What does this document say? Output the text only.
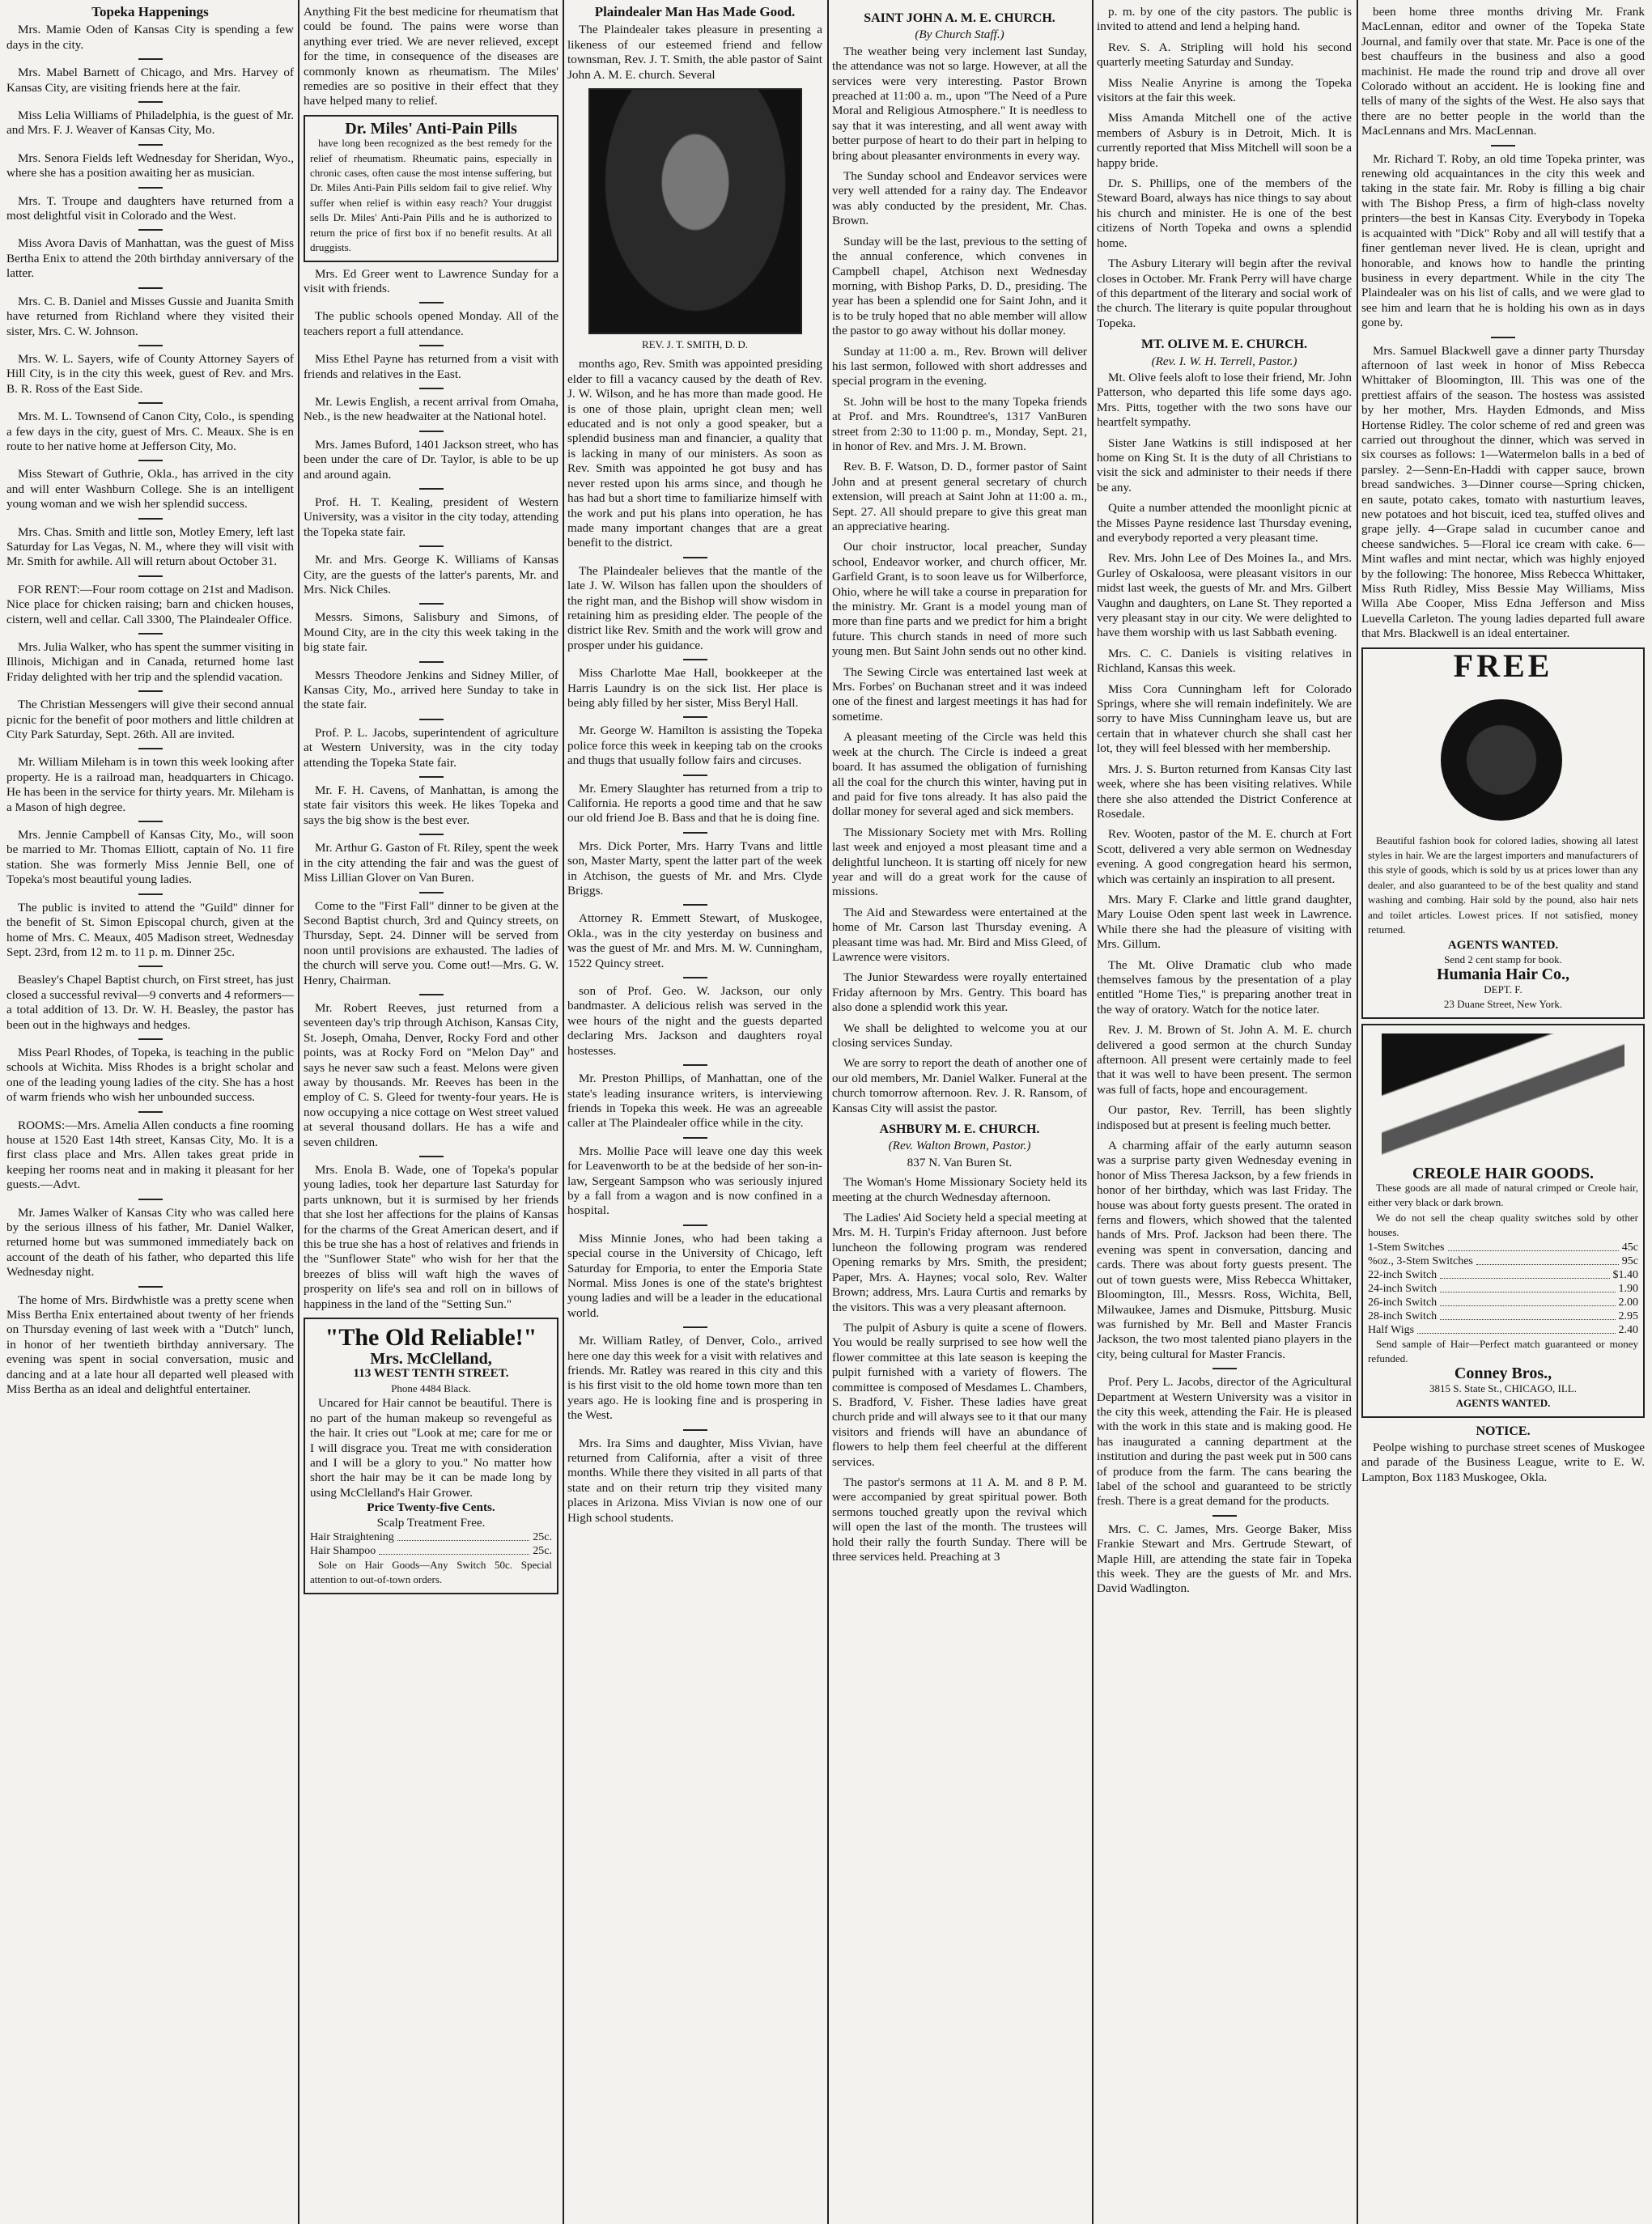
Topeka Happenings
Mrs. Mamie Oden of Kansas City is spending a few days in the city.
Mrs. Mabel Barnett of Chicago, and Mrs. Harvey of Kansas City, are visiting friends here at the fair.
Miss Lelia Williams of Philadelphia, is the guest of Mr. and Mrs. F. J. Weaver of Kansas City, Mo.
Mrs. Senora Fields left Wednesday for Sheridan, Wyo., where she has a position awaiting her as musician.
Mrs. T. Troupe and daughters have returned from a most delightful visit in Colorado and the West.
Miss Avora Davis of Manhattan, was the guest of Miss Bertha Enix to attend the 20th birthday anniversary of the latter.
Mrs. C. B. Daniel and Misses Gussie and Juanita Smith have returned from Richland where they visited their sister, Mrs. C. W. Johnson.
Mrs. W. L. Sayers, wife of County Attorney Sayers of Hill City, is in the city this week, guest of Rev. and Mrs. B. R. Ross of the East Side.
Mrs. M. L. Townsend of Canon City, Colo., is spending a few days in the city, guest of Mrs. C. Meaux. She is en route to her native home at Jefferson City, Mo.
Miss Stewart of Guthrie, Okla., has arrived in the city and will enter Washburn College. She is an intelligent young woman and we wish her splendid success.
Mrs. Chas. Smith and little son, Motley Emery, left last Saturday for Las Vegas, N. M., where they will visit with Mr. Smith for awhile. All will return about October 31.
FOR RENT:—Four room cottage on 21st and Madison. Nice place for chicken raising; barn and chicken houses, cistern, well and cellar. Call 3300, The Plaindealer Office.
Mrs. Julia Walker, who has spent the summer visiting in Illinois, Michigan and in Canada, returned home last Friday delighted with her trip and the splendid vacation.
The Christian Messengers will give their second annual picnic for the benefit of poor mothers and little children at City Park Saturday, Sept. 26th. All are invited.
Mr. William Mileham is in town this week looking after property. He is a railroad man, headquarters in Chicago. He has been in the service for thirty years. Mr. Mileham is a Mason of high degree.
Mrs. Jennie Campbell of Kansas City, Mo., will soon be married to Mr. Thomas Elliott, captain of No. 11 fire station. She was formerly Miss Jennie Bell, one of Topeka's most beautiful young ladies.
The public is invited to attend the "Guild" dinner for the benefit of St. Simon Episcopal church, given at the home of Mrs. C. Meaux, 405 Madison street, Wednesday Sept. 23rd, from 12 m. to 11 p. m. Dinner 25c.
Beasley's Chapel Baptist church, on First street, has just closed a successful revival—9 converts and 4 reformers—a total addition of 13. Dr. W. H. Beasley, the pastor has been out in the highways and hedges.
Miss Pearl Rhodes, of Topeka, is teaching in the public schools at Wichita. Miss Rhodes is a bright scholar and one of the leading young ladies of the city. She has a host of warm friends who wish her unbounded success.
ROOMS:—Mrs. Amelia Allen conducts a fine rooming house at 1520 East 14th street, Kansas City, Mo. It is a first class place and Mrs. Allen takes great pride in keeping her rooms neat and in making it pleasant for her guests.—Advt.
Mr. James Walker of Kansas City who was called here by the serious illness of his father, Mr. Daniel Walker, returned home but was summoned immediately back on account of the death of his father, who departed this life Wednesday night.
The home of Mrs. Birdwhistle was a pretty scene when Miss Bertha Enix entertained about twenty of her friends on Thursday evening of last week with a "Dutch" lunch, in honor of her twentieth birthday anniversary. The evening was spent in social conversation, music and dancing and at a late hour all departed well pleased with Miss Bertha as an ideal and delightful entertainer.
Anything Fit the best medicine for rheumatism that could be found. The pains were worse than anything ever tried. We are never relieved, except for the time, in consequence of the diseases are commonly known as rheumatism. The Miles' remedies are so positive in their effect that they have helped many to relief.
Dr. Miles' Anti-Pain Pills
have long been recognized as the best remedy for the relief of rheumatism. Rheumatic pains, especially in chronic cases, often cause the most intense suffering, but Dr. Miles Anti-Pain Pills seldom fail to give relief. Why suffer when relief is within easy reach? Your druggist sells Dr. Miles' Anti-Pain Pills and he is authorized to return the price of first box if no benefit results. At all druggists.
Mrs. Ed Greer went to Lawrence Sunday for a visit with friends.
The public schools opened Monday. All of the teachers report a full attendance.
Miss Ethel Payne has returned from a visit with friends and relatives in the East.
Mr. Lewis English, a recent arrival from Omaha, Neb., is the new headwaiter at the National hotel.
Mrs. James Buford, 1401 Jackson street, who has been under the care of Dr. Taylor, is able to be up and around again.
Prof. H. T. Kealing, president of Western University, was a visitor in the city today, attending the Topeka state fair.
Mr. and Mrs. George K. Williams of Kansas City, are the guests of the latter's parents, Mr. and Mrs. Nick Chiles.
Messrs. Simons, Salisbury and Simons, of Mound City, are in the city this week taking in the big state fair.
Messrs Theodore Jenkins and Sidney Miller, of Kansas City, Mo., arrived here Sunday to take in the state fair.
Prof. P. L. Jacobs, superintendent of agriculture at Western University, was in the city today attending the Topeka State fair.
Mr. F. H. Cavens, of Manhattan, is among the state fair visitors this week. He likes Topeka and says the big show is the best ever.
Mr. Arthur G. Gaston of Ft. Riley, spent the week in the city attending the fair and was the guest of Miss Lillian Glover on Van Buren.
Come to the "First Fall" dinner to be given at the Second Baptist church, 3rd and Quincy streets, on Thursday, Sept. 24. Dinner will be served from noon until provisions are exhausted. The ladies of the church will serve you. Come out!—Mrs. G. W. Henry, Chairman.
Mr. Robert Reeves, just returned from a seventeen day's trip through Atchison, Kansas City, St. Joseph, Omaha, Denver, Rocky Ford and other points, was at Rocky Ford on "Melon Day" and says he never saw such a feast. Melons were given away by thousands. Mr. Reeves has been in the employ of C. S. Gleed for twenty-four years. He is now occupying a nice cottage on West street valued at several thousand dollars. He has a wife and seven children.
Mrs. Enola B. Wade, one of Topeka's popular young ladies, took her departure last Saturday for parts unknown, but it is surmised by her friends that she lost her affections for the plains of Kansas for the charms of the Great American desert, and if this be true she has a host of relatives and friends in the "Sunflower State" who wish for her that the breezes of bliss will waft high the waves of prosperity on life's sea and roll on in billows of happiness in the land of the "Setting Sun."
"The Old Reliable!"
Mrs. McClelland,
113 WEST TENTH STREET.
Phone 4484 Black.
Uncared for Hair cannot be beautiful. There is no part of the human makeup so revengeful as the hair. It cries out "Look at me; care for me or I will disgrace you. Treat me with consideration and I will be a glory to you." No matter how short the hair may be it can be made long by using McClelland's Hair Grower.
Price Twenty-five Cents.
Scalp Treatment Free.
Hair Straightening	25c.
Hair Shampoo	25c.
Sole on Hair Goods—Any Switch 50c. Special attention to out-of-town orders.
Plaindealer Man Has Made Good.
The Plaindealer takes pleasure in presenting a likeness of our esteemed friend and fellow townsman, Rev. J. T. Smith, the able pastor of Saint John A. M. E. church. Several
REV. J. T. SMITH, D. D.
months ago, Rev. Smith was appointed presiding elder to fill a vacancy caused by the death of Rev. J. W. Wilson, and he has more than made good. He is one of those plain, upright clean men; well educated and is not only a good speaker, but a splendid business man and financier, a quality that is lacking in many of our ministers. As soon as Rev. Smith was appointed he got busy and has never rested upon his arms since, and though he has had but a short time to familiarize himself with the work and put his plans into operation, he has made many important changes that are a great benefit to the district.
The Plaindealer believes that the mantle of the late J. W. Wilson has fallen upon the shoulders of the right man, and the Bishop will show wisdom in retaining him as presiding elder. The people of the district like Rev. Smith and the work will grow and prosper under his guidance.
Miss Charlotte Mae Hall, bookkeeper at the Harris Laundry is on the sick list. Her place is being ably filled by her sister, Miss Beryl Hall.
Mr. George W. Hamilton is assisting the Topeka police force this week in keeping tab on the crooks and thugs that usually follow fairs and circuses.
Mr. Emery Slaughter has returned from a trip to California. He reports a good time and that he saw our old friend Joe B. Bass and that he is doing fine.
Mrs. Dick Porter, Mrs. Harry Tvans and little son, Master Marty, spent the latter part of the week in Atchison, the guests of Mr. and Mrs. Clyde Briggs.
Attorney R. Emmett Stewart, of Muskogee, Okla., was in the city yesterday on business and was the guest of Mr. and Mrs. M. W. Cunningham, 1522 Quincy street.
son of Prof. Geo. W. Jackson, our only bandmaster. A delicious relish was served in the wee hours of the night and the guests departed declaring Mrs. Jackson and daughters royal hostesses.
Mr. Preston Phillips, of Manhattan, one of the state's leading insurance writers, is interviewing friends in Topeka this week. He was an agreeable caller at The Plaindealer office while in the city.
Mrs. Mollie Pace will leave one day this week for Leavenworth to be at the bedside of her son-in-law, Sergeant Sampson who was seriously injured by a fall from a wagon and is now confined in a hospital.
Miss Minnie Jones, who had been taking a special course in the University of Chicago, left Saturday for Emporia, to enter the Emporia State Normal. Miss Jones is one of the state's brightest young ladies and will be a leader in the educational world.
Mr. William Ratley, of Denver, Colo., arrived here one day this week for a visit with relatives and friends. Mr. Ratley was reared in this city and this is his first visit to the old home town more than ten years ago. He is looking fine and is prospering in the West.
Mrs. Ira Sims and daughter, Miss Vivian, have returned from California, after a visit of three months. While there they visited in all parts of that state and on their return trip they visited many places in Arizona. Miss Vivian is now one of our High school students.
SAINT JOHN A. M. E. CHURCH.
(By Church Staff.)
The weather being very inclement last Sunday, the attendance was not so large. However, at all the services were very interesting. Pastor Brown preached at 11:00 a. m., upon "The Need of a Pure Moral and Religious Atmosphere." It is needless to say that it was interesting, and all went away with better purpose of heart to do their part in helping to bring about pleasanter environments in every way.
The Sunday school and Endeavor services were very well attended for a rainy day. The Endeavor was ably conducted by the president, Mr. Chas. Brown.
Sunday will be the last, previous to the setting of the annual conference, which convenes in Campbell chapel, Atchison next Wednesday morning, with Bishop Parks, D. D., presiding. The year has been a splendid one for Saint John, and it is to be truly hoped that no able member will allow the pastor to go away without his dollar money.
Sunday at 11:00 a. m., Rev. Brown will deliver his last sermon, followed with short addresses and special program in the evening.
St. John will be host to the many Topeka friends at Prof. and Mrs. Roundtree's, 1317 VanBuren street from 2:30 to 11:00 p. m., Monday, Sept. 21, in honor of Rev. and Mrs. J. M. Brown.
Rev. B. F. Watson, D. D., former pastor of Saint John and at present general secretary of church extension, will preach at Saint John at 11:00 a. m., Sept. 27. All should prepare to give this great man an appreciative hearing.
Our choir instructor, local preacher, Sunday school, Endeavor worker, and church officer, Mr. Garfield Grant, is to soon leave us for Wilberforce, Ohio, where he will take a course in preparation for the ministry. Mr. Grant is a model young man of more than fine parts and we predict for him a bright future. This church stands in need of more such young men. But Saint John sends out no other kind.
The Sewing Circle was entertained last week at Mrs. Forbes' on Buchanan street and it was indeed one of the finest and largest meetings it has had for sometime.
A pleasant meeting of the Circle was held this week at the church. The Circle is indeed a great board. It has assumed the obligation of furnishing all the coal for the church this winter, having put in and paid for five tons already. It has also paid the dollar money for several aged and sick members.
The Missionary Society met with Mrs. Rolling last week and enjoyed a most pleasant time and a delightful luncheon. It is starting off nicely for new year and will do a great work for the cause of missions.
The Aid and Stewardess were entertained at the home of Mr. Carson last Thursday evening. A pleasant time was had. Mr. Bird and Miss Gleed, of Lawrence were visitors.
The Junior Stewardess were royally entertained Friday afternoon by Mrs. Gentry. This board has also done a splendid work this year.
We shall be delighted to welcome you at our closing services Sunday.
We are sorry to report the death of another one of our old members, Mr. Daniel Walker. Funeral at the church tomorrow afternoon. Rev. J. R. Ransom, of Kansas City will assist the pastor.
ASHBURY M. E. CHURCH.
(Rev. Walton Brown, Pastor.)
837 N. Van Buren St.
The Woman's Home Missionary Society held its meeting at the church Wednesday afternoon.
The Ladies' Aid Society held a special meeting at Mrs. M. H. Turpin's Friday afternoon. Just before luncheon the following program was rendered Opening remarks by Mrs. Smith, the president; Paper, Mrs. A. Haynes; vocal solo, Rev. Walter Brown; address, Mrs. Laura Curtis and remarks by the visitors. This was a very pleasant afternoon.
The pulpit of Asbury is quite a scene of flowers. You would be really surprised to see how well the flower committee at this late season is keeping the pulpit furnished with a variety of flowers. The committee is composed of Mesdames L. Chambers, S. Bradford, V. Fisher. These ladies have great church pride and will always see to it that our many visitors and friends will have an abundance of flowers to help them feel cheerful at the different services.
The pastor's sermons at 11 A. M. and 8 P. M. were accompanied by great spiritual power. Both sermons touched greatly upon the revival which will open the last of the month. The trustees will hold their rally the fourth Sunday. There will be three services held. Preaching at 3
p. m. by one of the city pastors. The public is invited to attend and lend a helping hand.
Rev. S. A. Stripling will hold his second quarterly meeting Saturday and Sunday.
Miss Nealie Anyrine is among the Topeka visitors at the fair this week.
Miss Amanda Mitchell one of the active members of Asbury is in Detroit, Mich. It is currently reported that Miss Mitchell will soon be a happy bride.
Dr. S. Phillips, one of the members of the Steward Board, always has nice things to say about his church and minister. He is one of the best citizens of North Topeka and owns a splendid home.
The Asbury Literary will begin after the revival closes in October. Mr. Frank Perry will have charge of this department of the literary and social work of the church. The literary is quite popular throughout Topeka.
MT. OLIVE M. E. CHURCH.
(Rev. I. W. H. Terrell, Pastor.)
Mt. Olive feels aloft to lose their friend, Mr. John Patterson, who departed this life some days ago. Mrs. Pitts, together with the two sons have our heartfelt sympathy.
Sister Jane Watkins is still indisposed at her home on King St. It is the duty of all Christians to visit the sick and administer to their needs if there be any.
Quite a number attended the moonlight picnic at the Misses Payne residence last Thursday evening, and everybody reported a very pleasant time.
Rev. Mrs. John Lee of Des Moines Ia., and Mrs. Gurley of Oskaloosa, were pleasant visitors in our midst last week, the guests of Mr. and Mrs. Gilbert Vaughn and daughters, on Lane St. They reported a very pleasant stay in our city. We were delighted to have them worship with us last Sabbath evening.
Mrs. C. C. Daniels is visiting relatives in Richland, Kansas this week.
Miss Cora Cunningham left for Colorado Springs, where she will remain indefinitely. We are sorry to have Miss Cunningham leave us, but are certain that in whatever church she shall cast her lot, they will feel blessed with her membership.
Mrs. J. S. Burton returned from Kansas City last week, where she has been visiting relatives. While there she also attended the District Conference at Rosedale.
Rev. Wooten, pastor of the M. E. church at Fort Scott, delivered a very able sermon on Wednesday evening. A good congregation heard his sermon, which was certainly an inspiration to all present.
Mrs. Mary F. Clarke and little grand daughter, Mary Louise Oden spent last week in Lawrence. While there she had the pleasure of visiting with Mrs. Gillum.
The Mt. Olive Dramatic club who made themselves famous by the presentation of a play entitled "Home Ties," is preparing another treat in the way of oratory. Watch for the notice later.
Rev. J. M. Brown of St. John A. M. E. church delivered a good sermon at the church Sunday afternoon. All present were certainly made to feel that it was well to have been present. The sermon was full of facts, hope and encouragement.
Our pastor, Rev. Terrill, has been slightly indisposed but at present is feeling much better.
A charming affair of the early autumn season was a surprise party given Wednesday evening in honor of Miss Theresa Jackson, by a few friends in honor of her birthday, which was last Friday. The house was about forty guests present. The orated in ferns and flowers, which showed that the talented hands of Mrs. Prof. Jackson had been there. The evening was spent in conversation, dancing and cards. There was about forty guests present. The out of town guests were, Miss Rebecca Whittaker, Bloomington, Ill., Messrs. Ross, Wichita, Bell, Milwaukee, James and Dismuke, Pittsburg. Music was furnished by Mr. Bell and Master Francis Jackson, the two most talented piano players in the city, being cultural for Master Francis.
Prof. Pery L. Jacobs, director of the Agricultural Department at Western University was a visitor in the city this week, attending the Fair. He is pleased with the work in this state and is making good. He has inaugurated a canning department at the institution and during the past week put in 500 cans of produce from the farm. The cans bearing the label of the school and guaranteed to be strictly fresh. There is a great demand for the products.
Mrs. C. C. James, Mrs. George Baker, Miss Frankie Stewart and Mrs. Gertrude Stewart, of Maple Hill, are attending the state fair in Topeka this week. They are the guests of Mr. and Mrs. David Wadlington.
been home three months driving Mr. Frank MacLennan, editor and owner of the Topeka State Journal, and family over that state. Mr. Pace is one of the best chauffeurs in the business and also a good machinist. He made the round trip and drove all over Colorado without an accident. He is looking fine and tells of many of the sights of the West. He also says that there are no better people in the world than the MacLennans and Mrs. MacLennan.
Mr. Richard T. Roby, an old time Topeka printer, was renewing old acquaintances in the city this week and taking in the state fair. Mr. Roby is filling a big chair with The Bishop Press, a firm of high-class novelty printers—the best in Kansas City. Everybody in Topeka is acquainted with "Dick" Roby and all will testify that a finer gentleman never lived. He is clean, upright and honorable, and knows how to handle the printing business in every department. While in the city The Plaindealer was on his list of calls, and we were glad to see him and learn that he is holding his own as in days gone by.
Mrs. Samuel Blackwell gave a dinner party Thursday afternoon of last week in honor of Miss Rebecca Whittaker of Bloomington, Ill. This was one of the prettiest affairs of the season. The hostess was assisted by her mother, Mrs. Hayden Edmonds, and Miss Hortense Ridley. The color scheme of red and green was carried out throughout the dinner, which was served in six courses as follows: 1—Watermelon balls in a bed of parsley. 2—Senn-En-Haddi with capper sauce, brown bread sandwiches. 3—Dinner course—Spring chicken, en saute, potato cakes, tomato with nasturtium leaves, new potatoes and hot biscuit, iced tea, stuffed olives and grape jelly. 4—Grape salad in cucumber canoe and cheese sandwiches. 5—Floral ice cream with cake. 6—Mint wafles and mint nectar, which was highly enjoyed by the following: The honoree, Miss Rebecca Whittaker, Miss Ruth Ridley, Miss Bessie May Williams, Miss Willa Abe Cooper, Miss Edna Jefferson and Miss Luevella Carleton. The young ladies departed full aware that Mrs. Blackwell is an ideal entertainer.
FREE
Beautiful fashion book for colored ladies, showing all latest styles in hair. We are the largest importers and manufacturers of this style of goods, which is sold by us at prices lower than any dealer, and also guaranteed to be of the best quality and stand washing and combing. Hair sold by the pound, also hair nets and toilet articles. Lowest prices. If not satisfied, money returned.
AGENTS WANTED.
Send 2 cent stamp for book.
Humania Hair Co.,
DEPT. F.
23 Duane Street, New York.
CREOLE HAIR GOODS.
These goods are all made of natural crimped or Creole hair, either very black or dark brown.
We do not sell the cheap quality switches sold by other houses.
1-Stem Switches	45c
%oz., 3-Stem Switches	95c
22-inch Switch	$1.40
24-inch Switch	1.90
26-inch Switch	2.00
28-inch Switch	2.95
Half Wigs	2.40
Send sample of Hair—Perfect match guaranteed or money refunded.
Conney Bros.,
3815 S. State St., CHICAGO, ILL.
AGENTS WANTED.
NOTICE.
Peolpe wishing to purchase street scenes of Muskogee and parade of the Business League, write to E. W. Lampton, Box 1183 Muskogee, Okla.
